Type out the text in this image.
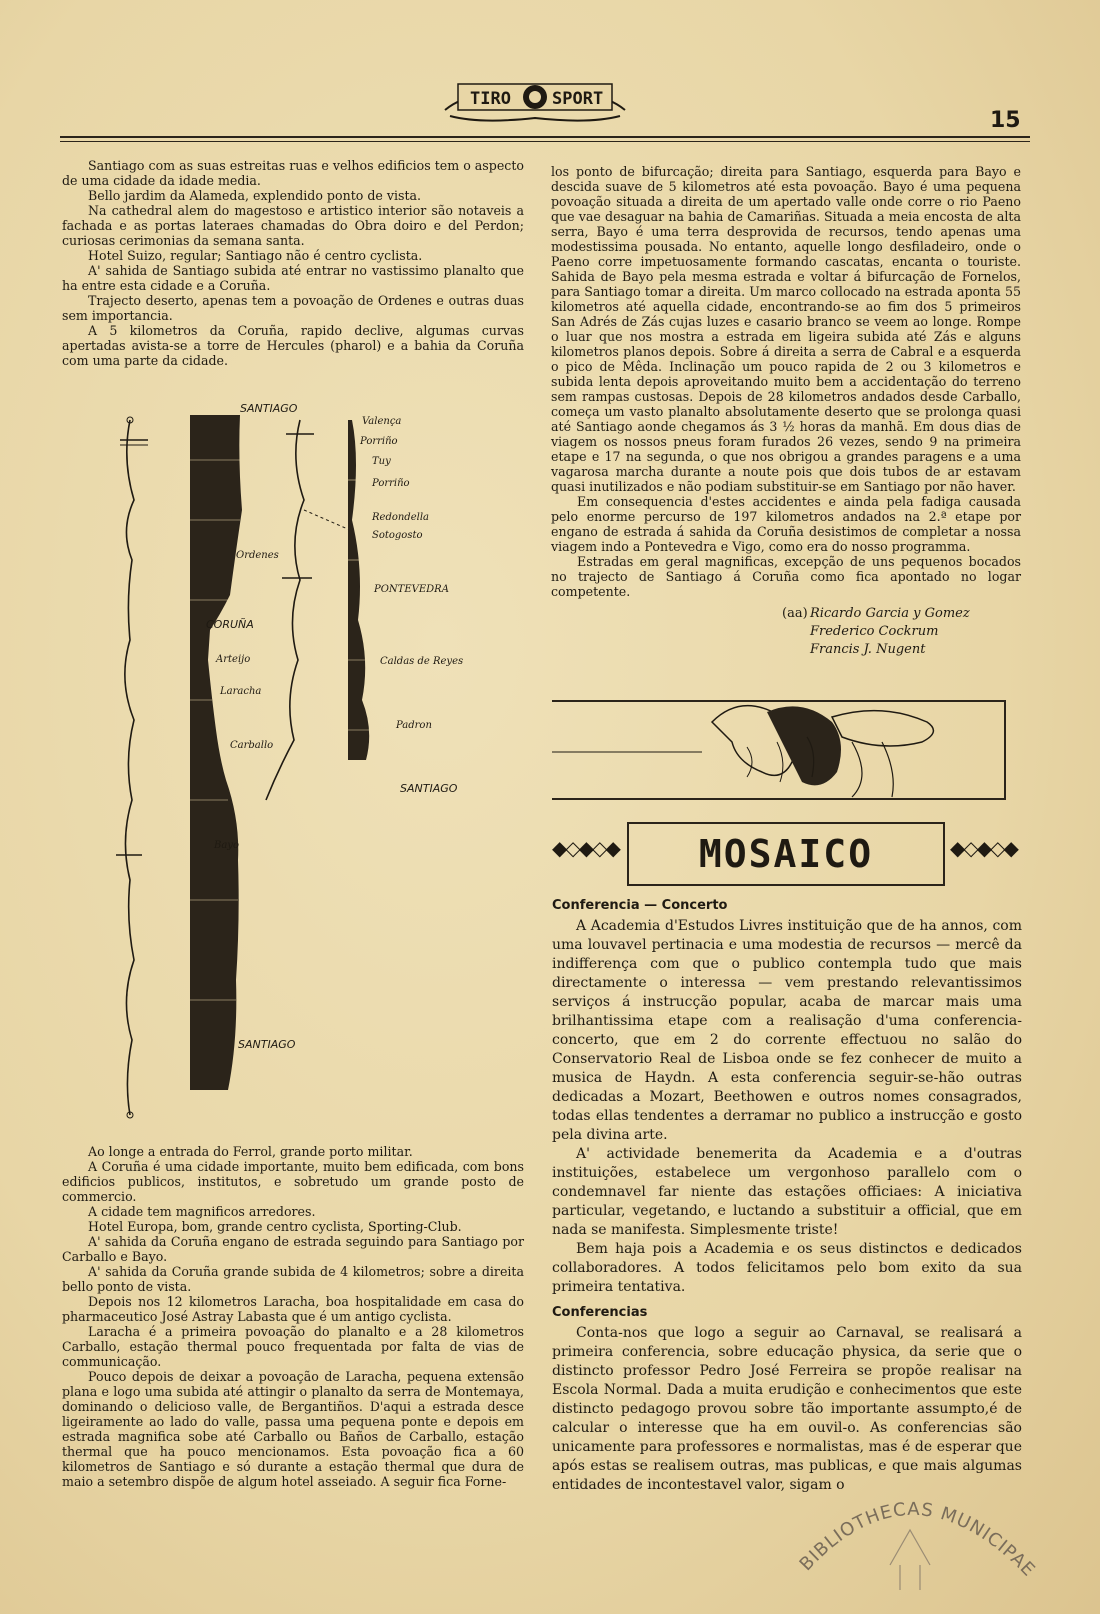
TIRO SPORT
15

Santiago com as suas estreitas ruas e velhos edificios tem o aspecto de uma cidade da idade media.

Bello jardim da Alameda, explendido ponto de vista.

Na cathedral alem do magestoso e artistico interior são notaveis a fachada e as portas lateraes chamadas do Obra doiro e del Perdon; curiosas cerimonias da semana santa.

Hotel Suizo, regular; Santiago não é centro cyclista.

A' sahida de Santiago subida até entrar no vastissimo planalto que ha entre esta cidade e a Coruña.

Trajecto deserto, apenas tem a povoação de Ordenes e outras duas sem importancia.

A 5 kilometros da Coruña, rapido declive, algumas curvas apertadas avista-se a torre de Hercules (pharol) e a bahia da Coruña com uma parte da cidade.

SANTIAGO
Ordenes
CORUÑA
Arteijo
Laracha
Carballo
Bayo
SANTIAGO
Valença
Porriño
Tuy
Porriño
Redondella
Sotogosto
PONTEVEDRA
Caldas de Reyes
Padron
SANTIAGO

Ao longe a entrada do Ferrol, grande porto militar.

A Coruña é uma cidade importante, muito bem edificada, com bons edificios publicos, institutos, e sobretudo um grande posto de commercio.

A cidade tem magnificos arredores.

Hotel Europa, bom, grande centro cyclista, Sporting-Club.

A' sahida da Coruña engano de estrada seguindo para Santiago por Carballo e Bayo.

A' sahida da Coruña grande subida de 4 kilometros; sobre a direita bello ponto de vista.

Depois nos 12 kilometros Laracha, boa hospitalidade em casa do pharmaceutico José Astray Labasta que é um antigo cyclista.

Laracha é a primeira povoação do planalto e a 28 kilometros Carballo, estação thermal pouco frequentada por falta de vias de communicação.

Pouco depois de deixar a povoação de Laracha, pequena extensão plana e logo uma subida até attingir o planalto da serra de Montemaya, dominando o delicioso valle, de Bergantiños. D'aqui a estrada desce ligeiramente ao lado do valle, passa uma pequena ponte e depois em estrada magnifica sobe até Carballo ou Baños de Carballo, estação thermal que ha pouco mencionamos. Esta povoação fica a 60 kilometros de Santiago e só durante a estação thermal que dura de maio a setembro dispõe de algum hotel asseiado. A seguir fica Forne-

los ponto de bifurcação; direita para Santiago, esquerda para Bayo e descida suave de 5 kilometros até esta povoação. Bayo é uma pequena povoação situada a direita de um apertado valle onde corre o rio Paeno que vae desaguar na bahia de Camariñas. Situada a meia encosta de alta serra, Bayo é uma terra desprovida de recursos, tendo apenas uma modestissima pousada. No entanto, aquelle longo desfiladeiro, onde o Paeno corre impetuosamente formando cascatas, encanta o touriste. Sahida de Bayo pela mesma estrada e voltar á bifurcação de Fornelos, para Santiago tomar a direita. Um marco collocado na estrada aponta 55 kilometros até aquella cidade, encontrando-se ao fim dos 5 primeiros San Adrés de Zás cujas luzes e casario branco se veem ao longe. Rompe o luar que nos mostra a estrada em ligeira subida até Zás e alguns kilometros planos depois. Sobre á direita a serra de Cabral e a esquerda o pico de Mêda. Inclinação um pouco rapida de 2 ou 3 kilometros e subida lenta depois aproveitando muito bem a accidentação do terreno sem rampas custosas. Depois de 28 kilometros andados desde Carballo, começa um vasto planalto absolutamente deserto que se prolonga quasi até Santiago aonde chegamos ás 3 ½ horas da manhã. Em dous dias de viagem os nossos pneus foram furados 26 vezes, sendo 9 na primeira etape e 17 na segunda, o que nos obrigou a grandes paragens e a uma vagarosa marcha durante a noute pois que dois tubos de ar estavam quasi inutilizados e não podiam substituir-se em Santiago por não haver.

Em consequencia d'estes accidentes e ainda pela fadiga causada pelo enorme percurso de 197 kilometros andados na 2.ª etape por engano de estrada á sahida da Coruña desistimos de completar a nossa viagem indo a Pontevedra e Vigo, como era do nosso programma.

Estradas em geral magnificas, excepção de uns pequenos bocados no trajecto de Santiago á Coruña como fica apontado no logar competente.

(aa) Ricardo Garcia y Gomez
Frederico Cockrum
Francis J. Nugent
◆◇◆◇◆	MOSAICO	◆◇◆◇◆
Conferencia — Concerto

A Academia d'Estudos Livres instituição que de ha annos, com uma louvavel pertinacia e uma modestia de recursos — mercê da indifferença com que o publico contempla tudo que mais directamente o interessa — vem prestando relevantissimos serviços á instrucção popular, acaba de marcar mais uma brilhantissima etape com a realisação d'uma conferencia-concerto, que em 2 do corrente effectuou no salão do Conservatorio Real de Lisboa onde se fez conhecer de muito a musica de Haydn. A esta conferencia seguir-se-hão outras dedicadas a Mozart, Beethowen e outros nomes consagrados, todas ellas tendentes a derramar no publico a instrucção e gosto pela divina arte.

A' actividade benemerita da Academia e a d'outras instituições, estabelece um vergonhoso parallelo com o condemnavel far niente das estações officiaes: A iniciativa particular, vegetando, e luctando a substituir a official, que em nada se manifesta. Simplesmente triste!

Bem haja pois a Academia e os seus distinctos e dedicados collaboradores. A todos felicitamos pelo bom exito da sua primeira tentativa.

Conferencias

Conta-nos que logo a seguir ao Carnaval, se realisará a primeira conferencia, sobre educação physica, da serie que o distincto professor Pedro José Ferreira se propõe realisar na Escola Normal. Dada a muita erudição e conhecimentos que este distincto pedagogo provou sobre tão importante assumpto,é de calcular o interesse que ha em ouvil-o. As conferencias são unicamente para professores e normalistas, mas é de esperar que após estas se realisem outras, mas publicas, e que mais algumas entidades de incontestavel valor, sigam o

BIBLIOTHECAS MUNICIPAE
